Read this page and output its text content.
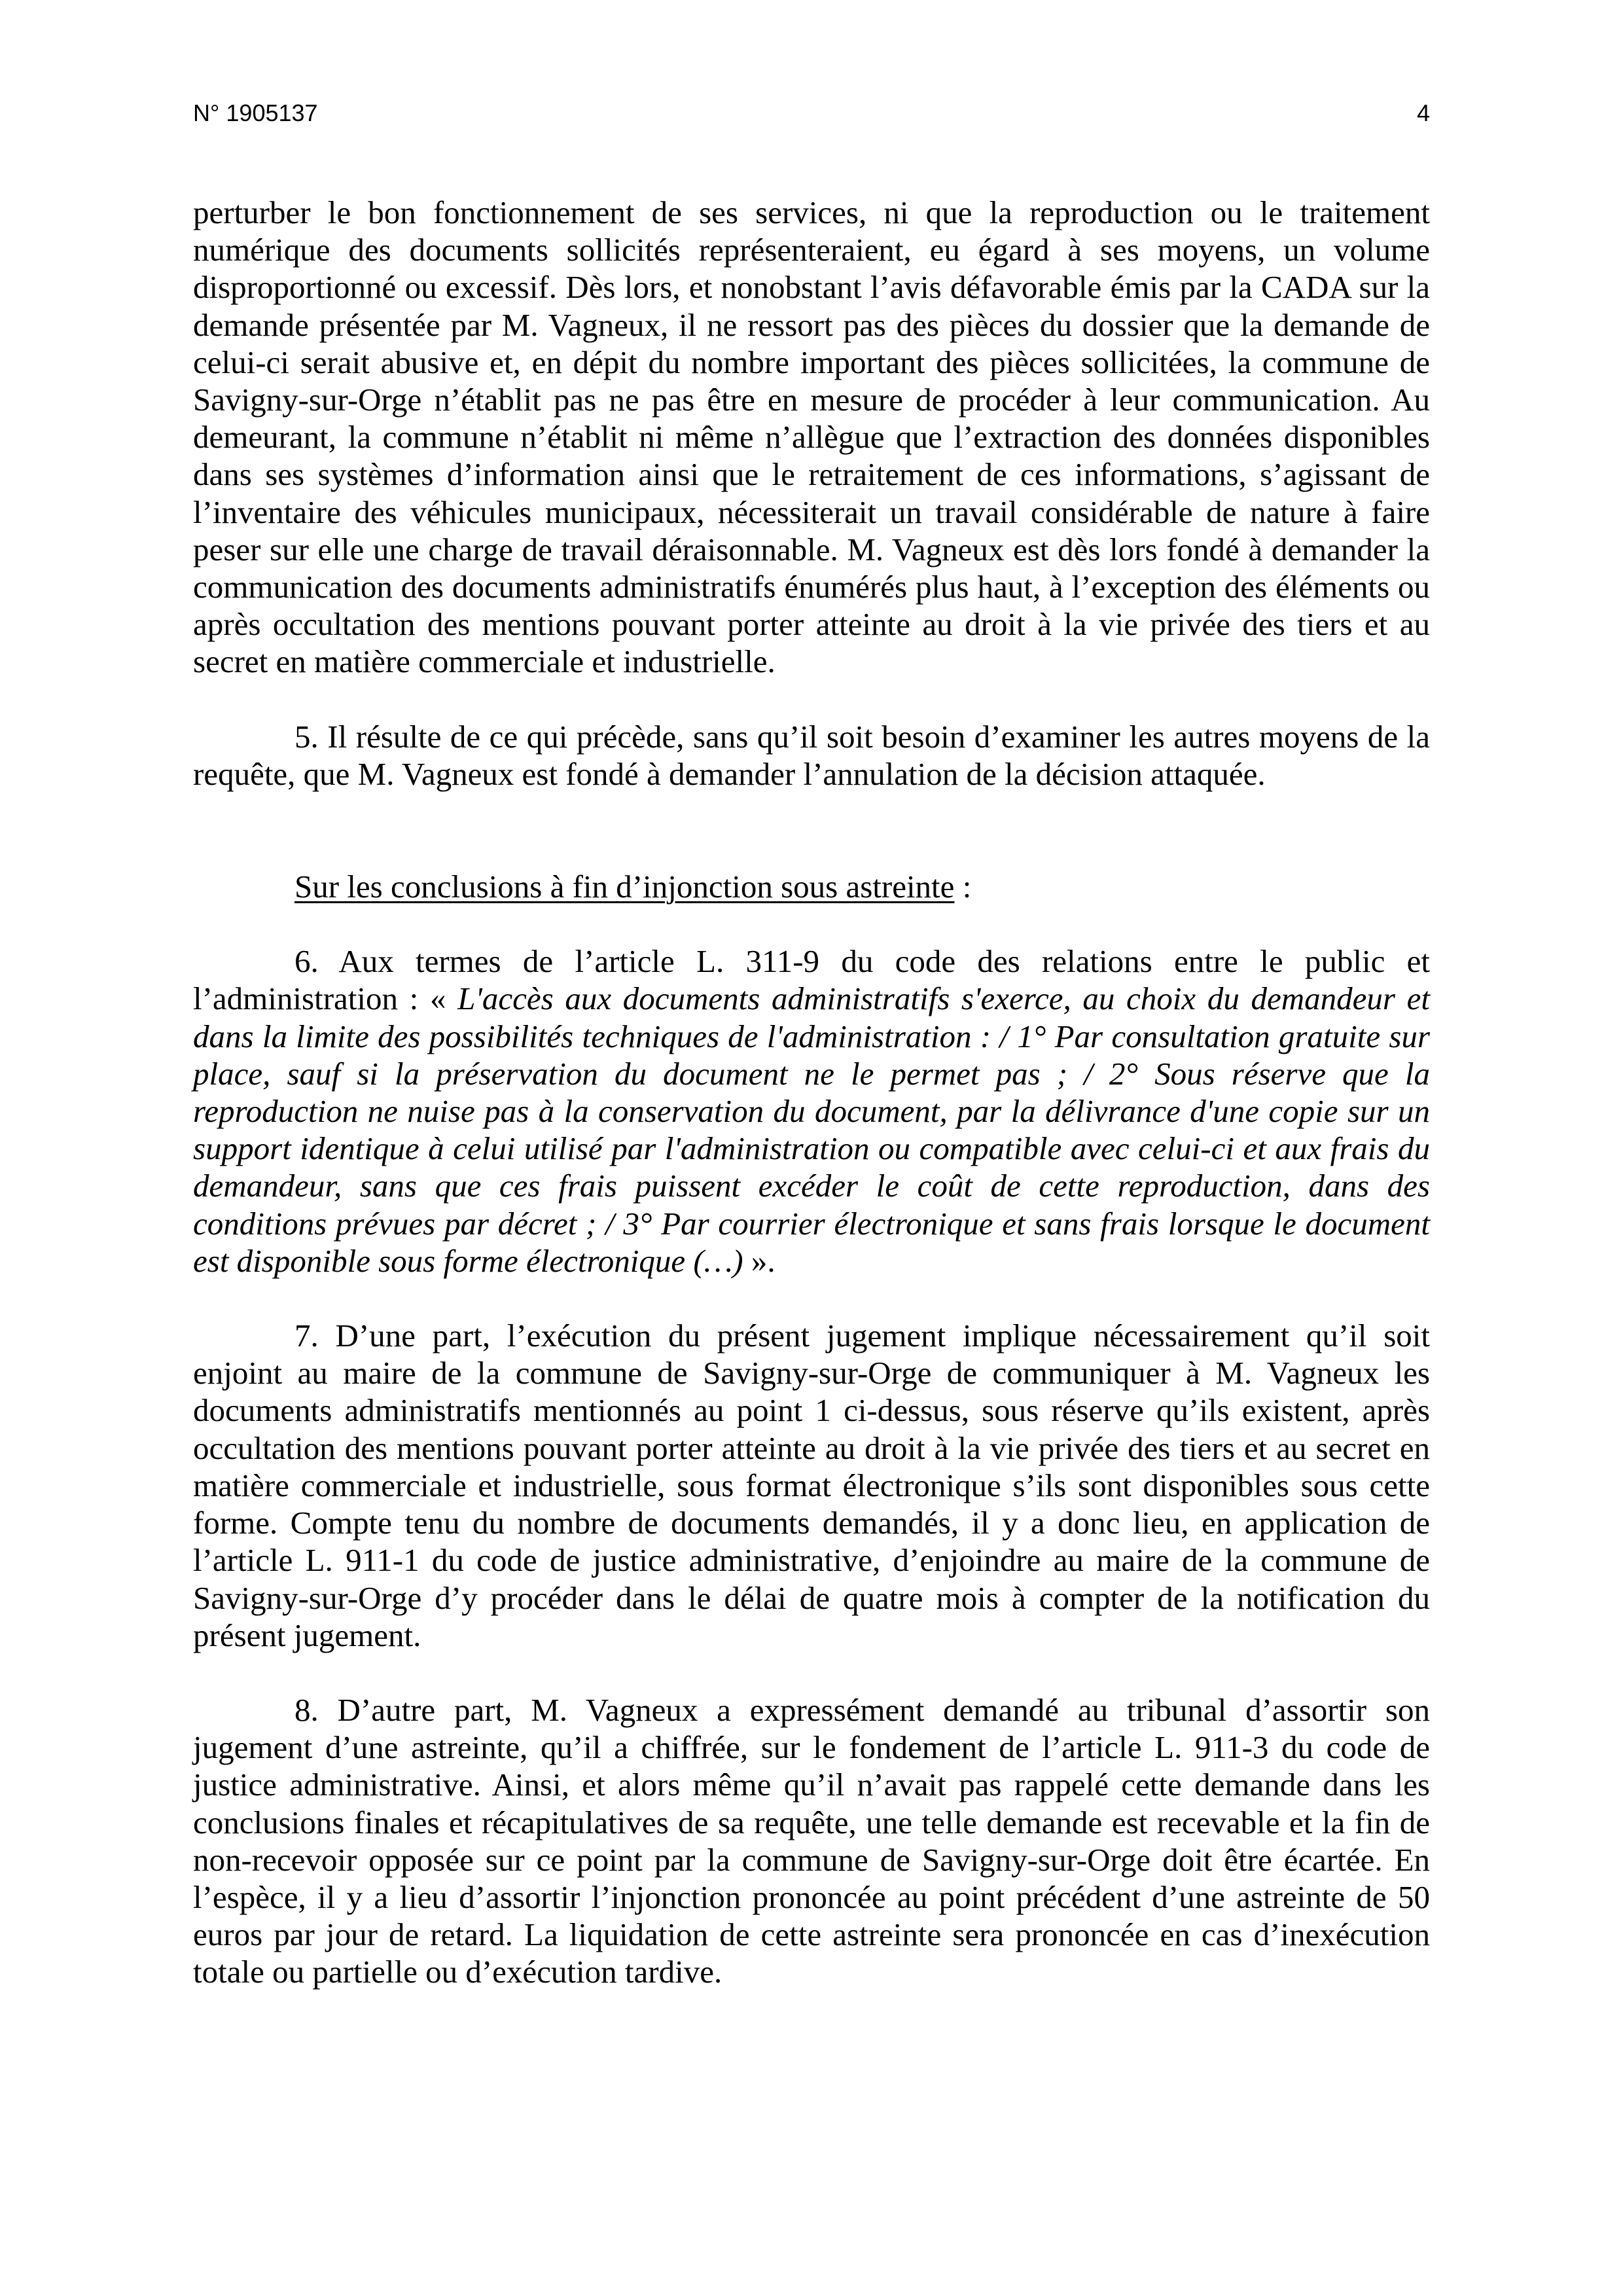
N° 1905137	4

perturber le bon fonctionnement de ses services, ni que la reproduction ou le traitement numérique des documents sollicités représenteraient, eu égard à ses moyens, un volume disproportionné ou excessif. Dès lors, et nonobstant l’avis défavorable émis par la CADA sur la demande présentée par M. Vagneux, il ne ressort pas des pièces du dossier que la demande de celui-ci serait abusive et, en dépit du nombre important des pièces sollicitées, la commune de Savigny-sur-Orge n’établit pas ne pas être en mesure de procéder à leur communication. Au demeurant, la commune n’établit ni même n’allègue que l’extraction des données disponibles dans ses systèmes d’information ainsi que le retraitement de ces informations, s’agissant de l’inventaire des véhicules municipaux, nécessiterait un travail considérable de nature à faire peser sur elle une charge de travail déraisonnable. M. Vagneux est dès lors fondé à demander la communication des documents administratifs énumérés plus haut, à l’exception des éléments ou après occultation des mentions pouvant porter atteinte au droit à la vie privée des tiers et au secret en matière commerciale et industrielle.

5. Il résulte de ce qui précède, sans qu’il soit besoin d’examiner les autres moyens de la requête, que M. Vagneux est fondé à demander l’annulation de la décision attaquée.

Sur les conclusions à fin d’injonction sous astreinte :

6. Aux termes de l’article L. 311-9 du code des relations entre le public et l’administration : « L'accès aux documents administratifs s'exerce, au choix du demandeur et dans la limite des possibilités techniques de l'administration : / 1° Par consultation gratuite sur place, sauf si la préservation du document ne le permet pas ; / 2° Sous réserve que la reproduction ne nuise pas à la conservation du document, par la délivrance d'une copie sur un support identique à celui utilisé par l'administration ou compatible avec celui-ci et aux frais du demandeur, sans que ces frais puissent excéder le coût de cette reproduction, dans des conditions prévues par décret ; / 3° Par courrier électronique et sans frais lorsque le document est disponible sous forme électronique (…) ».

7. D’une part, l’exécution du présent jugement implique nécessairement qu’il soit enjoint au maire de la commune de Savigny-sur-Orge de communiquer à M. Vagneux les documents administratifs mentionnés au point 1 ci-dessus, sous réserve qu’ils existent, après occultation des mentions pouvant porter atteinte au droit à la vie privée des tiers et au secret en matière commerciale et industrielle, sous format électronique s’ils sont disponibles sous cette forme. Compte tenu du nombre de documents demandés, il y a donc lieu, en application de l’article L. 911-1 du code de justice administrative, d’enjoindre au maire de la commune de Savigny-sur-Orge d’y procéder dans le délai de quatre mois à compter de la notification du présent jugement.

8. D’autre part, M. Vagneux a expressément demandé au tribunal d’assortir son jugement d’une astreinte, qu’il a chiffrée, sur le fondement de l’article L. 911-3 du code de justice administrative. Ainsi, et alors même qu’il n’avait pas rappelé cette demande dans les conclusions finales et récapitulatives de sa requête, une telle demande est recevable et la fin de non-recevoir opposée sur ce point par la commune de Savigny-sur-Orge doit être écartée. En l’espèce, il y a lieu d’assortir l’injonction prononcée au point précédent d’une astreinte de 50 euros par jour de retard. La liquidation de cette astreinte sera prononcée en cas d’inexécution totale ou partielle ou d’exécution tardive.
